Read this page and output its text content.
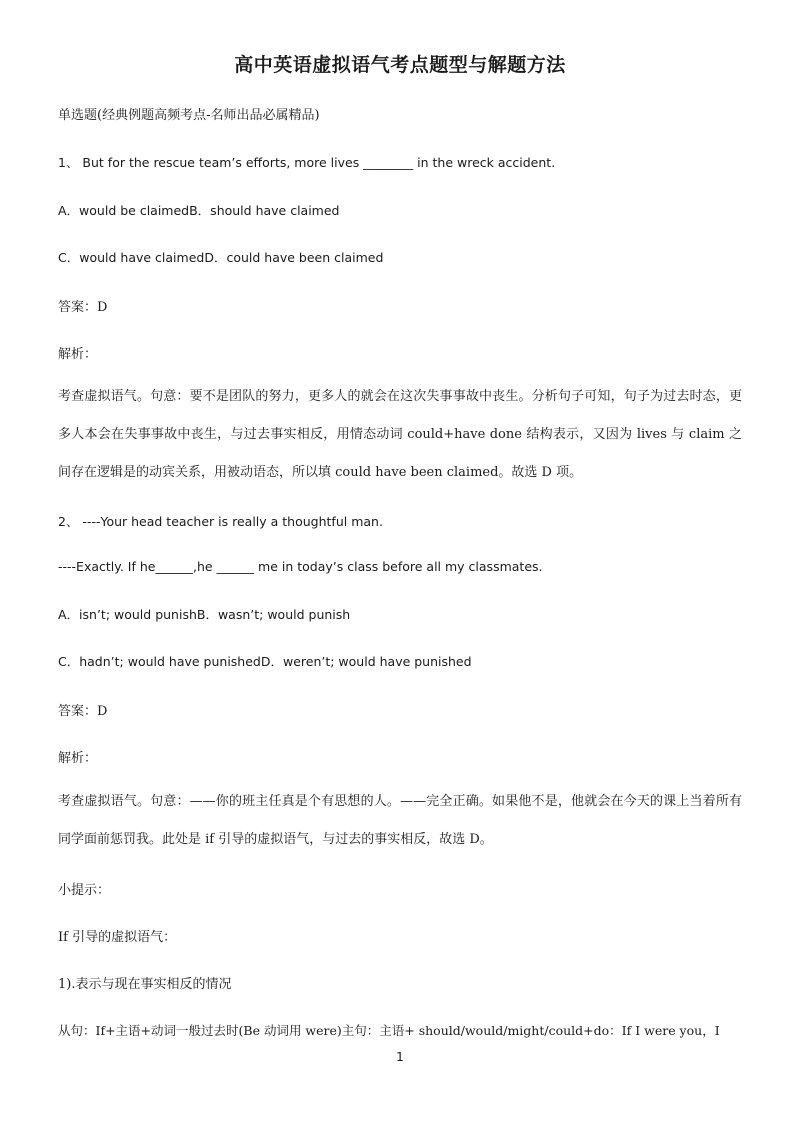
高中英语虚拟语气考点题型与解题方法
单选题(经典例题高频考点-名师出品必属精品)
1、 But for the rescue team’s efforts, more lives ________ in the wreck accident.
A．would be claimedB．should have claimed
C．would have claimedD．could have been claimed
答案：D
解析：
考查虚拟语气。句意：要不是团队的努力，更多人的就会在这次失事事故中丧生。分析句子可知，句子为过去时态，更多人本会在失事事故中丧生，与过去事实相反，用情态动词 could+have done 结构表示，又因为 lives 与 claim 之间存在逻辑是的动宾关系，用被动语态，所以填 could have been claimed。故选 D 项。
2、 ----Your head teacher is really a thoughtful man.
----Exactly. If he______,he ______ me in today’s class before all my classmates.
A．isn’t; would punishB．wasn’t; would punish
C．hadn’t; would have punishedD．weren’t; would have punished
答案：D
解析：
考查虚拟语气。句意：——你的班主任真是个有思想的人。——完全正确。如果他不是，他就会在今天的课上当着所有同学面前惩罚我。此处是 if 引导的虚拟语气，与过去的事实相反，故选 D。
小提示：
If 引导的虚拟语气：
1).表示与现在事实相反的情况
从句：If+主语+动词一般过去时(Be 动词用 were)主句：主语+ should/would/might/could+do：If I were you，I
1
